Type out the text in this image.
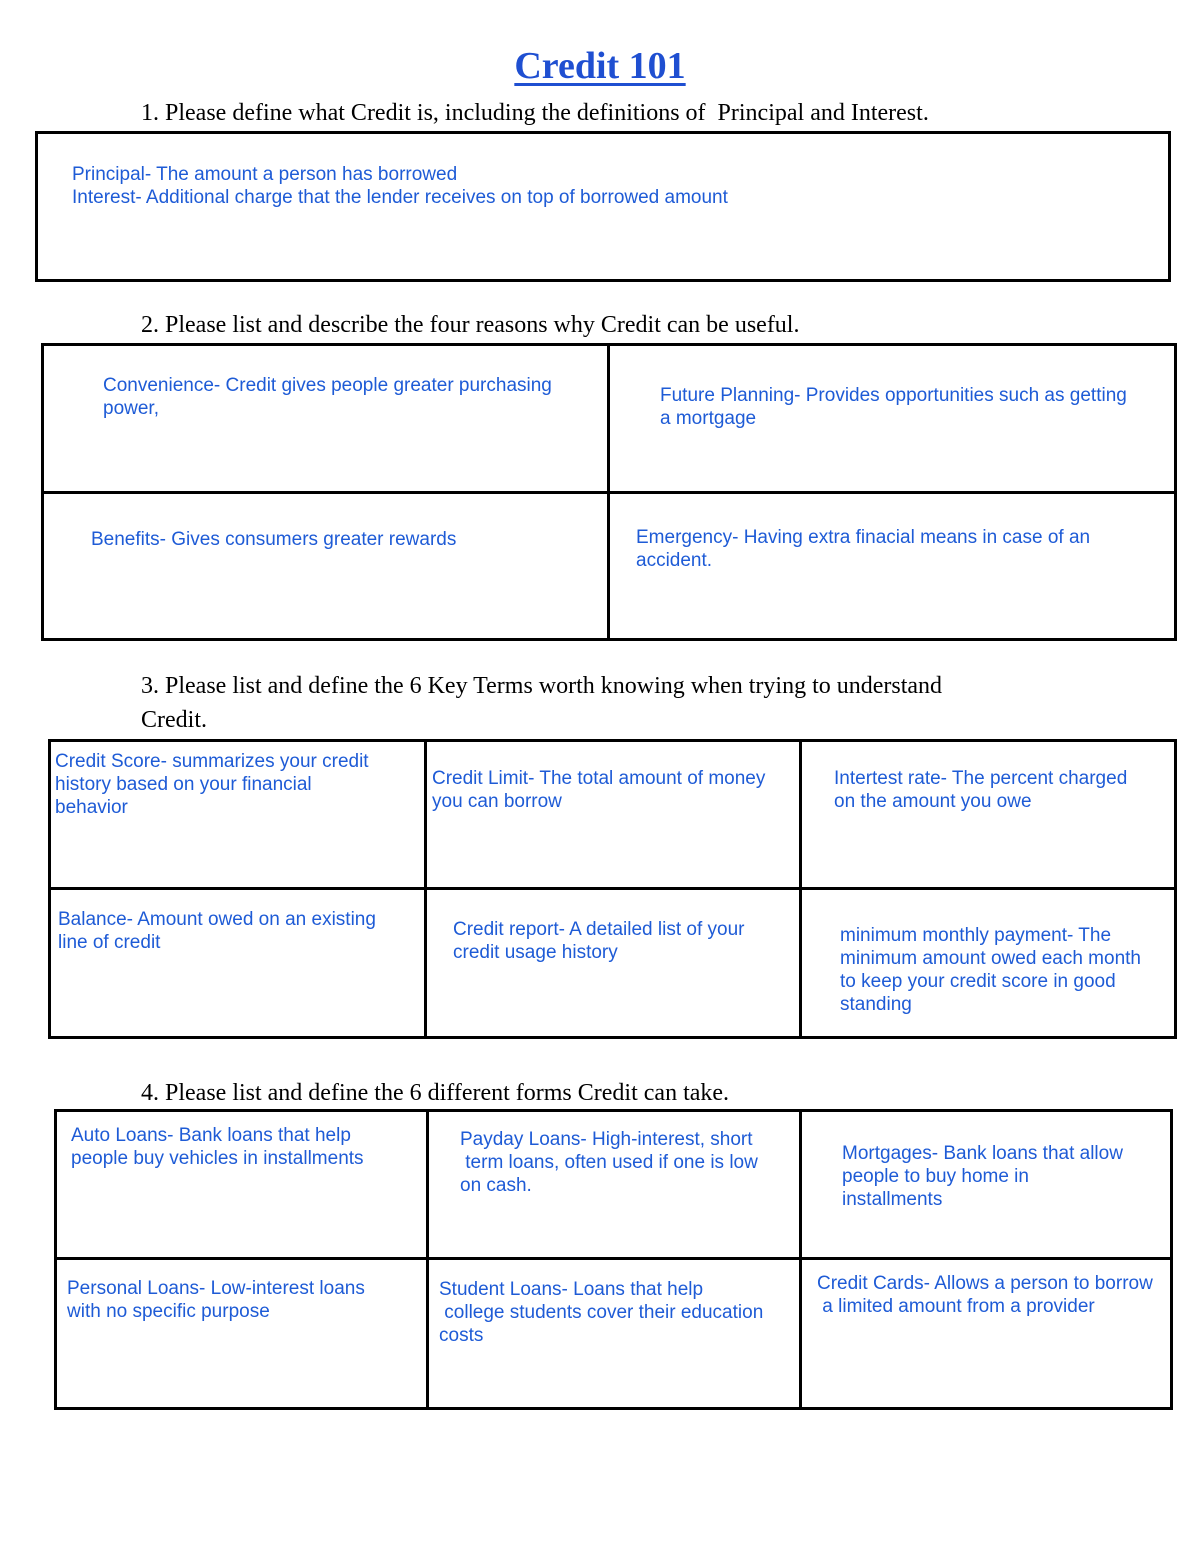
Credit 101
1. Please define what Credit is, including the definitions of  Principal and Interest.
Principal- The amount a person has borrowed
Interest- Additional charge that the lender receives on top of borrowed amount
2. Please list and describe the four reasons why Credit can be useful.
Convenience- Credit gives people greater purchasing
power,
Future Planning- Provides opportunities such as getting
a mortgage
Benefits- Gives consumers greater rewards	Emergency- Having extra finacial means in case of an
accident.
3. Please list and define the 6 Key Terms worth knowing when trying to understand
Credit.
Credit Score- summarizes your credit
history based on your financial
behavior
Credit Limit- The total amount of money
you can borrow
Intertest rate- The percent charged
on the amount you owe
Balance- Amount owed on an existing
line of credit
Credit report- A detailed list of your
credit usage history
minimum monthly payment- The
minimum amount owed each month
to keep your credit score in good
standing
4. Please list and define the 6 different forms Credit can take.
Auto Loans- Bank loans that help
people buy vehicles in installments
Payday Loans- High-interest, short
term loans, often used if one is low
on cash.
Mortgages- Bank loans that allow
people to buy home in
installments
Personal Loans- Low-interest loans
with no specific purpose
Student Loans- Loans that help
college students cover their education
costs
Credit Cards- Allows a person to borrow
a limited amount from a provider
